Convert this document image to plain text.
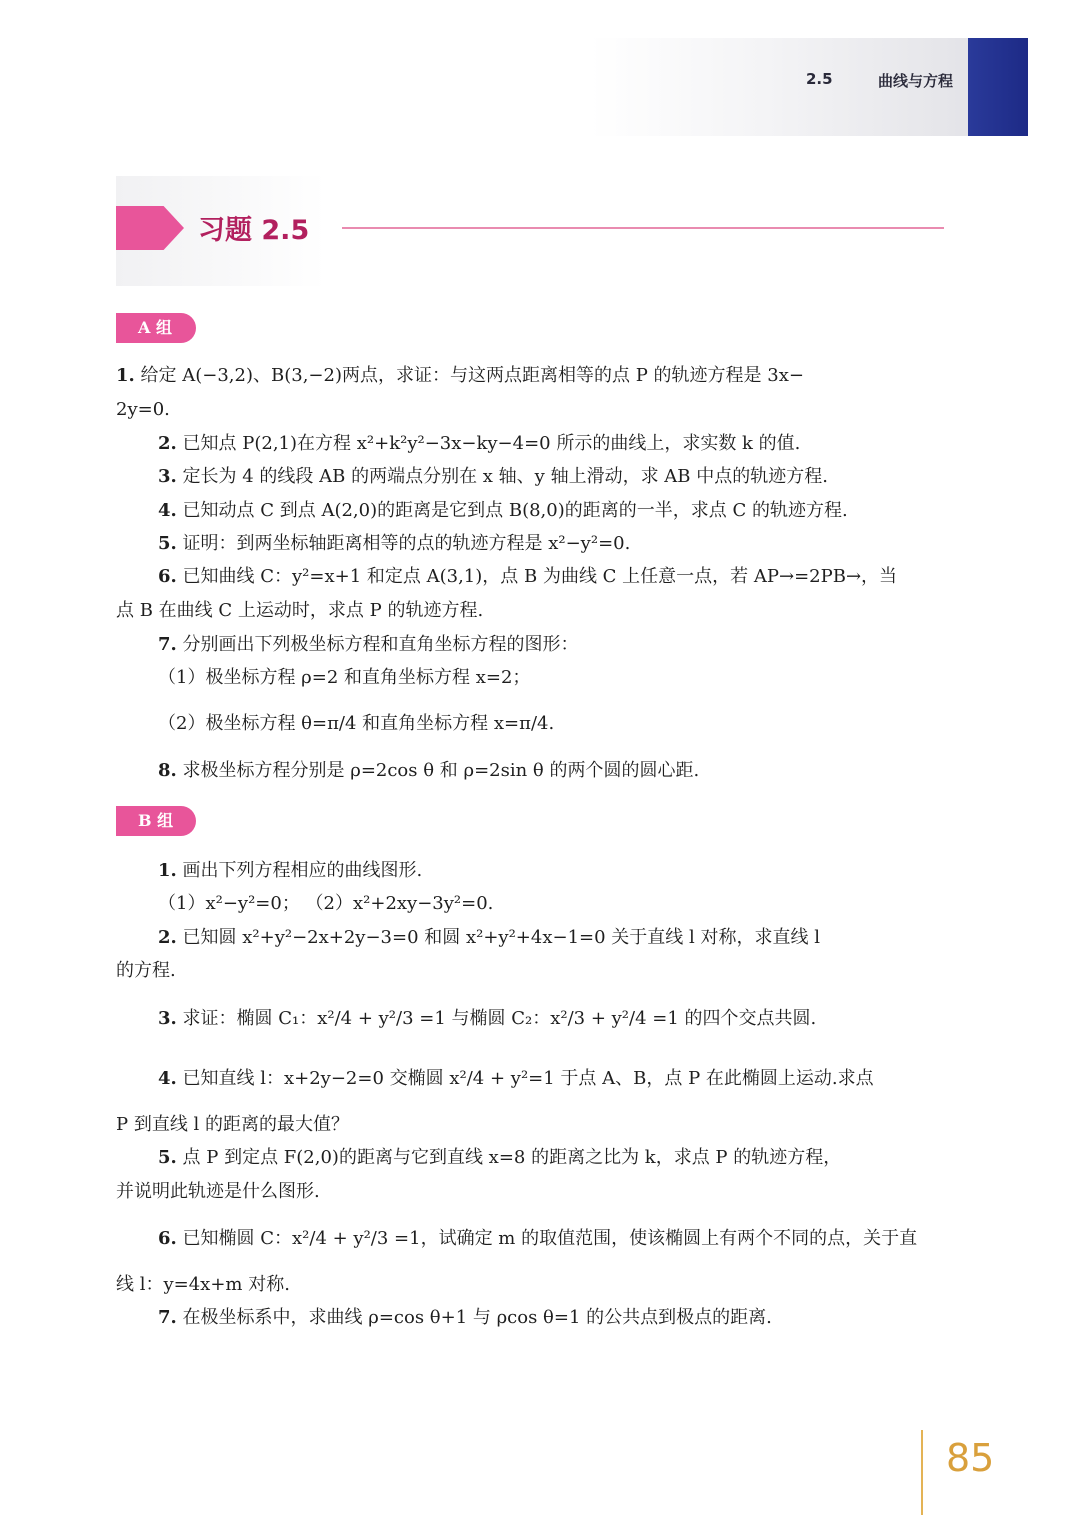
2.5	曲线与方程
习题 2.5
A 组
1. 给定 A(−3,2)、B(3,−2)两点，求证：与这两点距离相等的点 P 的轨迹方程是 3x−
2y=0.
2. 已知点 P(2,1)在方程 x²+k²y²−3x−ky−4=0 所示的曲线上，求实数 k 的值.
3. 定长为 4 的线段 AB 的两端点分别在 x 轴、y 轴上滑动，求 AB 中点的轨迹方程.
4. 已知动点 C 到点 A(2,0)的距离是它到点 B(8,0)的距离的一半，求点 C 的轨迹方程.
5. 证明：到两坐标轴距离相等的点的轨迹方程是 x²−y²=0.
6. 已知曲线 C：y²=x+1 和定点 A(3,1)，点 B 为曲线 C 上任意一点，若 AP→=2PB→，当
点 B 在曲线 C 上运动时，求点 P 的轨迹方程.
7. 分别画出下列极坐标方程和直角坐标方程的图形：
（1）极坐标方程 ρ=2 和直角坐标方程 x=2；
（2）极坐标方程 θ=π/4 和直角坐标方程 x=π/4.
8. 求极坐标方程分别是 ρ=2cos θ 和 ρ=2sin θ 的两个圆的圆心距.
B 组
1. 画出下列方程相应的曲线图形.
（1）x²−y²=0； （2）x²+2xy−3y²=0.
2. 已知圆 x²+y²−2x+2y−3=0 和圆 x²+y²+4x−1=0 关于直线 l 对称，求直线 l
的方程.
3. 求证：椭圆 C₁：x²/4 + y²/3 =1 与椭圆 C₂：x²/3 + y²/4 =1 的四个交点共圆.
4. 已知直线 l：x+2y−2=0 交椭圆 x²/4 + y²=1 于点 A、B，点 P 在此椭圆上运动.求点
P 到直线 l 的距离的最大值？
5. 点 P 到定点 F(2,0)的距离与它到直线 x=8 的距离之比为 k，求点 P 的轨迹方程，
并说明此轨迹是什么图形.
6. 已知椭圆 C：x²/4 + y²/3 =1，试确定 m 的取值范围，使该椭圆上有两个不同的点，关于直
线 l：y=4x+m 对称.
7. 在极坐标系中，求曲线 ρ=cos θ+1 与 ρcos θ=1 的公共点到极点的距离.
85
